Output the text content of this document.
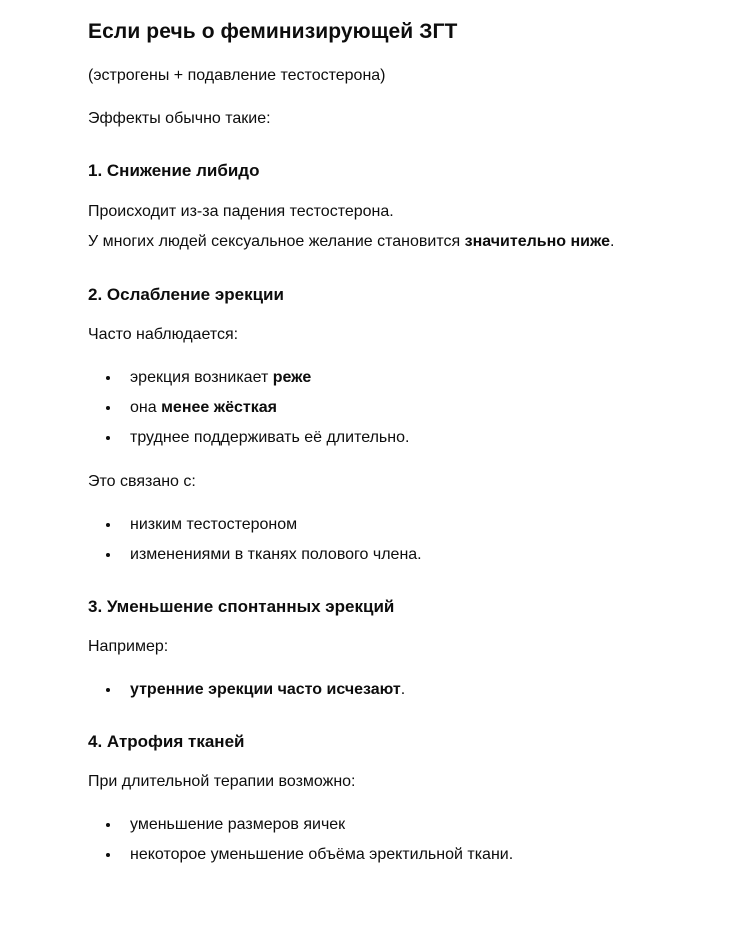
Если речь о феминизирующей ЗГТ

(эстрогены + подавление тестостерона)

Эффекты обычно такие:

1. Снижение либидо

Происходит из-за падения тестостерона.
У многих людей сексуальное желание становится значительно ниже.

2. Ослабление эрекции

Часто наблюдается:

• эрекция возникает реже
• она менее жёсткая
• труднее поддерживать её длительно.

Это связано с:

• низким тестостероном
• изменениями в тканях полового члена.
3. Уменьшение спонтанных эрекций

Например:

• утренние эрекции часто исчезают.
4. Атрофия тканей

При длительной терапии возможно:

• уменьшение размеров яичек
• некоторое уменьшение объёма эректильной ткани.
